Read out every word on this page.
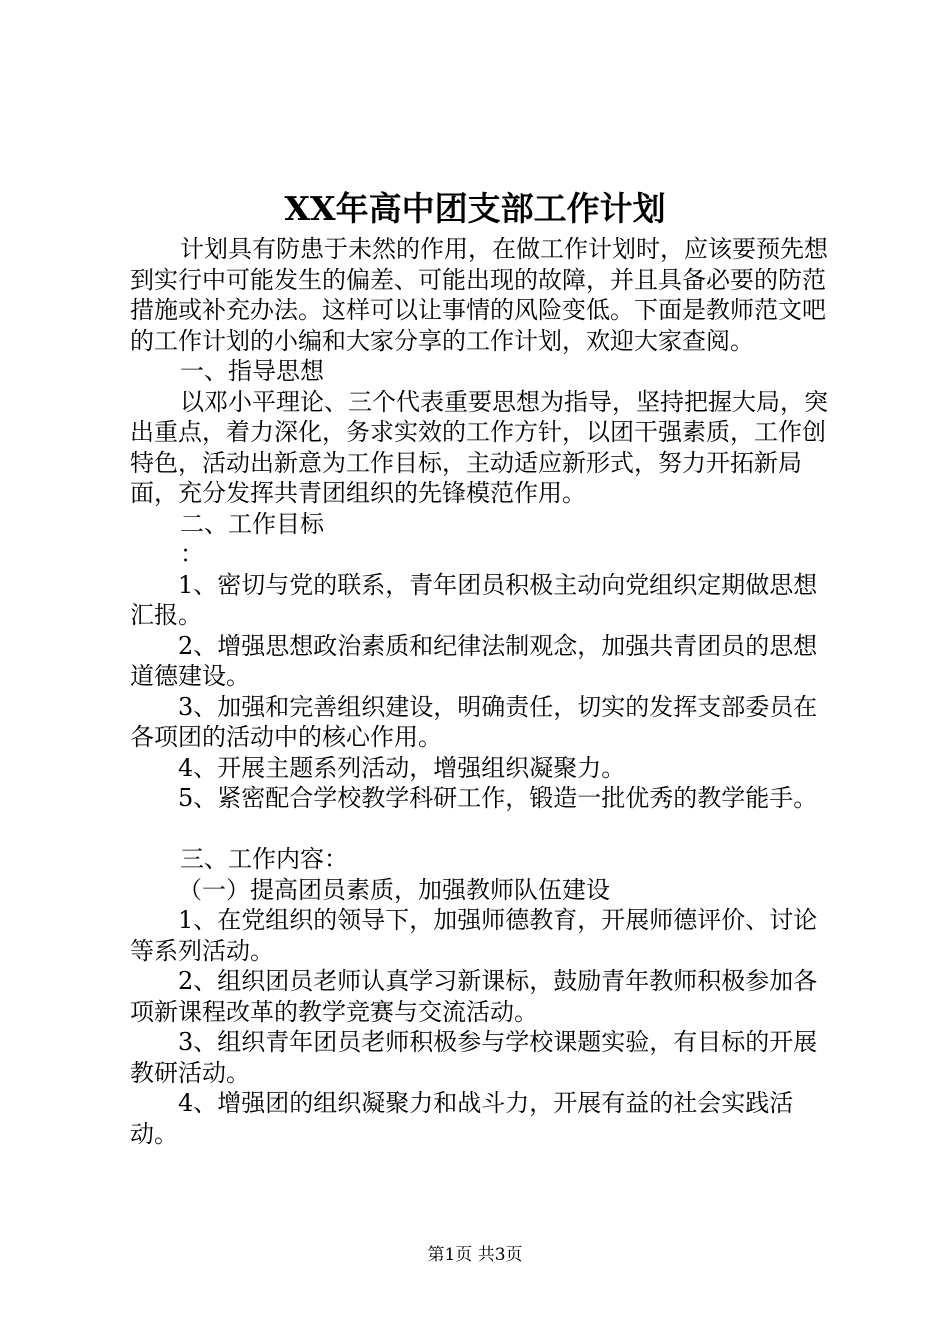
XX年高中团支部工作计划

计划具有防患于未然的作用，在做工作计划时，应该要预先想到实行中可能发生的偏差、可能出现的故障，并且具备必要的防范措施或补充办法。这样可以让事情的风险变低。下面是教师范文吧的工作计划的小编和大家分享的工作计划，欢迎大家查阅。

一、指导思想

以邓小平理论、三个代表重要思想为指导，坚持把握大局，突出重点，着力深化，务求实效的工作方针，以团干强素质，工作创特色，活动出新意为工作目标，主动适应新形式，努力开拓新局面，充分发挥共青团组织的先锋模范作用。

二、工作目标

：

1、密切与党的联系，青年团员积极主动向党组织定期做思想汇报。

2、增强思想政治素质和纪律法制观念，加强共青团员的思想道德建设。

3、加强和完善组织建设，明确责任，切实的发挥支部委员在各项团的活动中的核心作用。

4、开展主题系列活动，增强组织凝聚力。

5、紧密配合学校教学科研工作，锻造一批优秀的教学能手。

三、工作内容：

（一）提高团员素质，加强教师队伍建设

1、在党组织的领导下，加强师德教育，开展师德评价、讨论等系列活动。

2、组织团员老师认真学习新课标，鼓励青年教师积极参加各项新课程改革的教学竞赛与交流活动。

3、组织青年团员老师积极参与学校课题实验，有目标的开展教研活动。

4、增强团的组织凝聚力和战斗力，开展有益的社会实践活动。

第1页 共3页
